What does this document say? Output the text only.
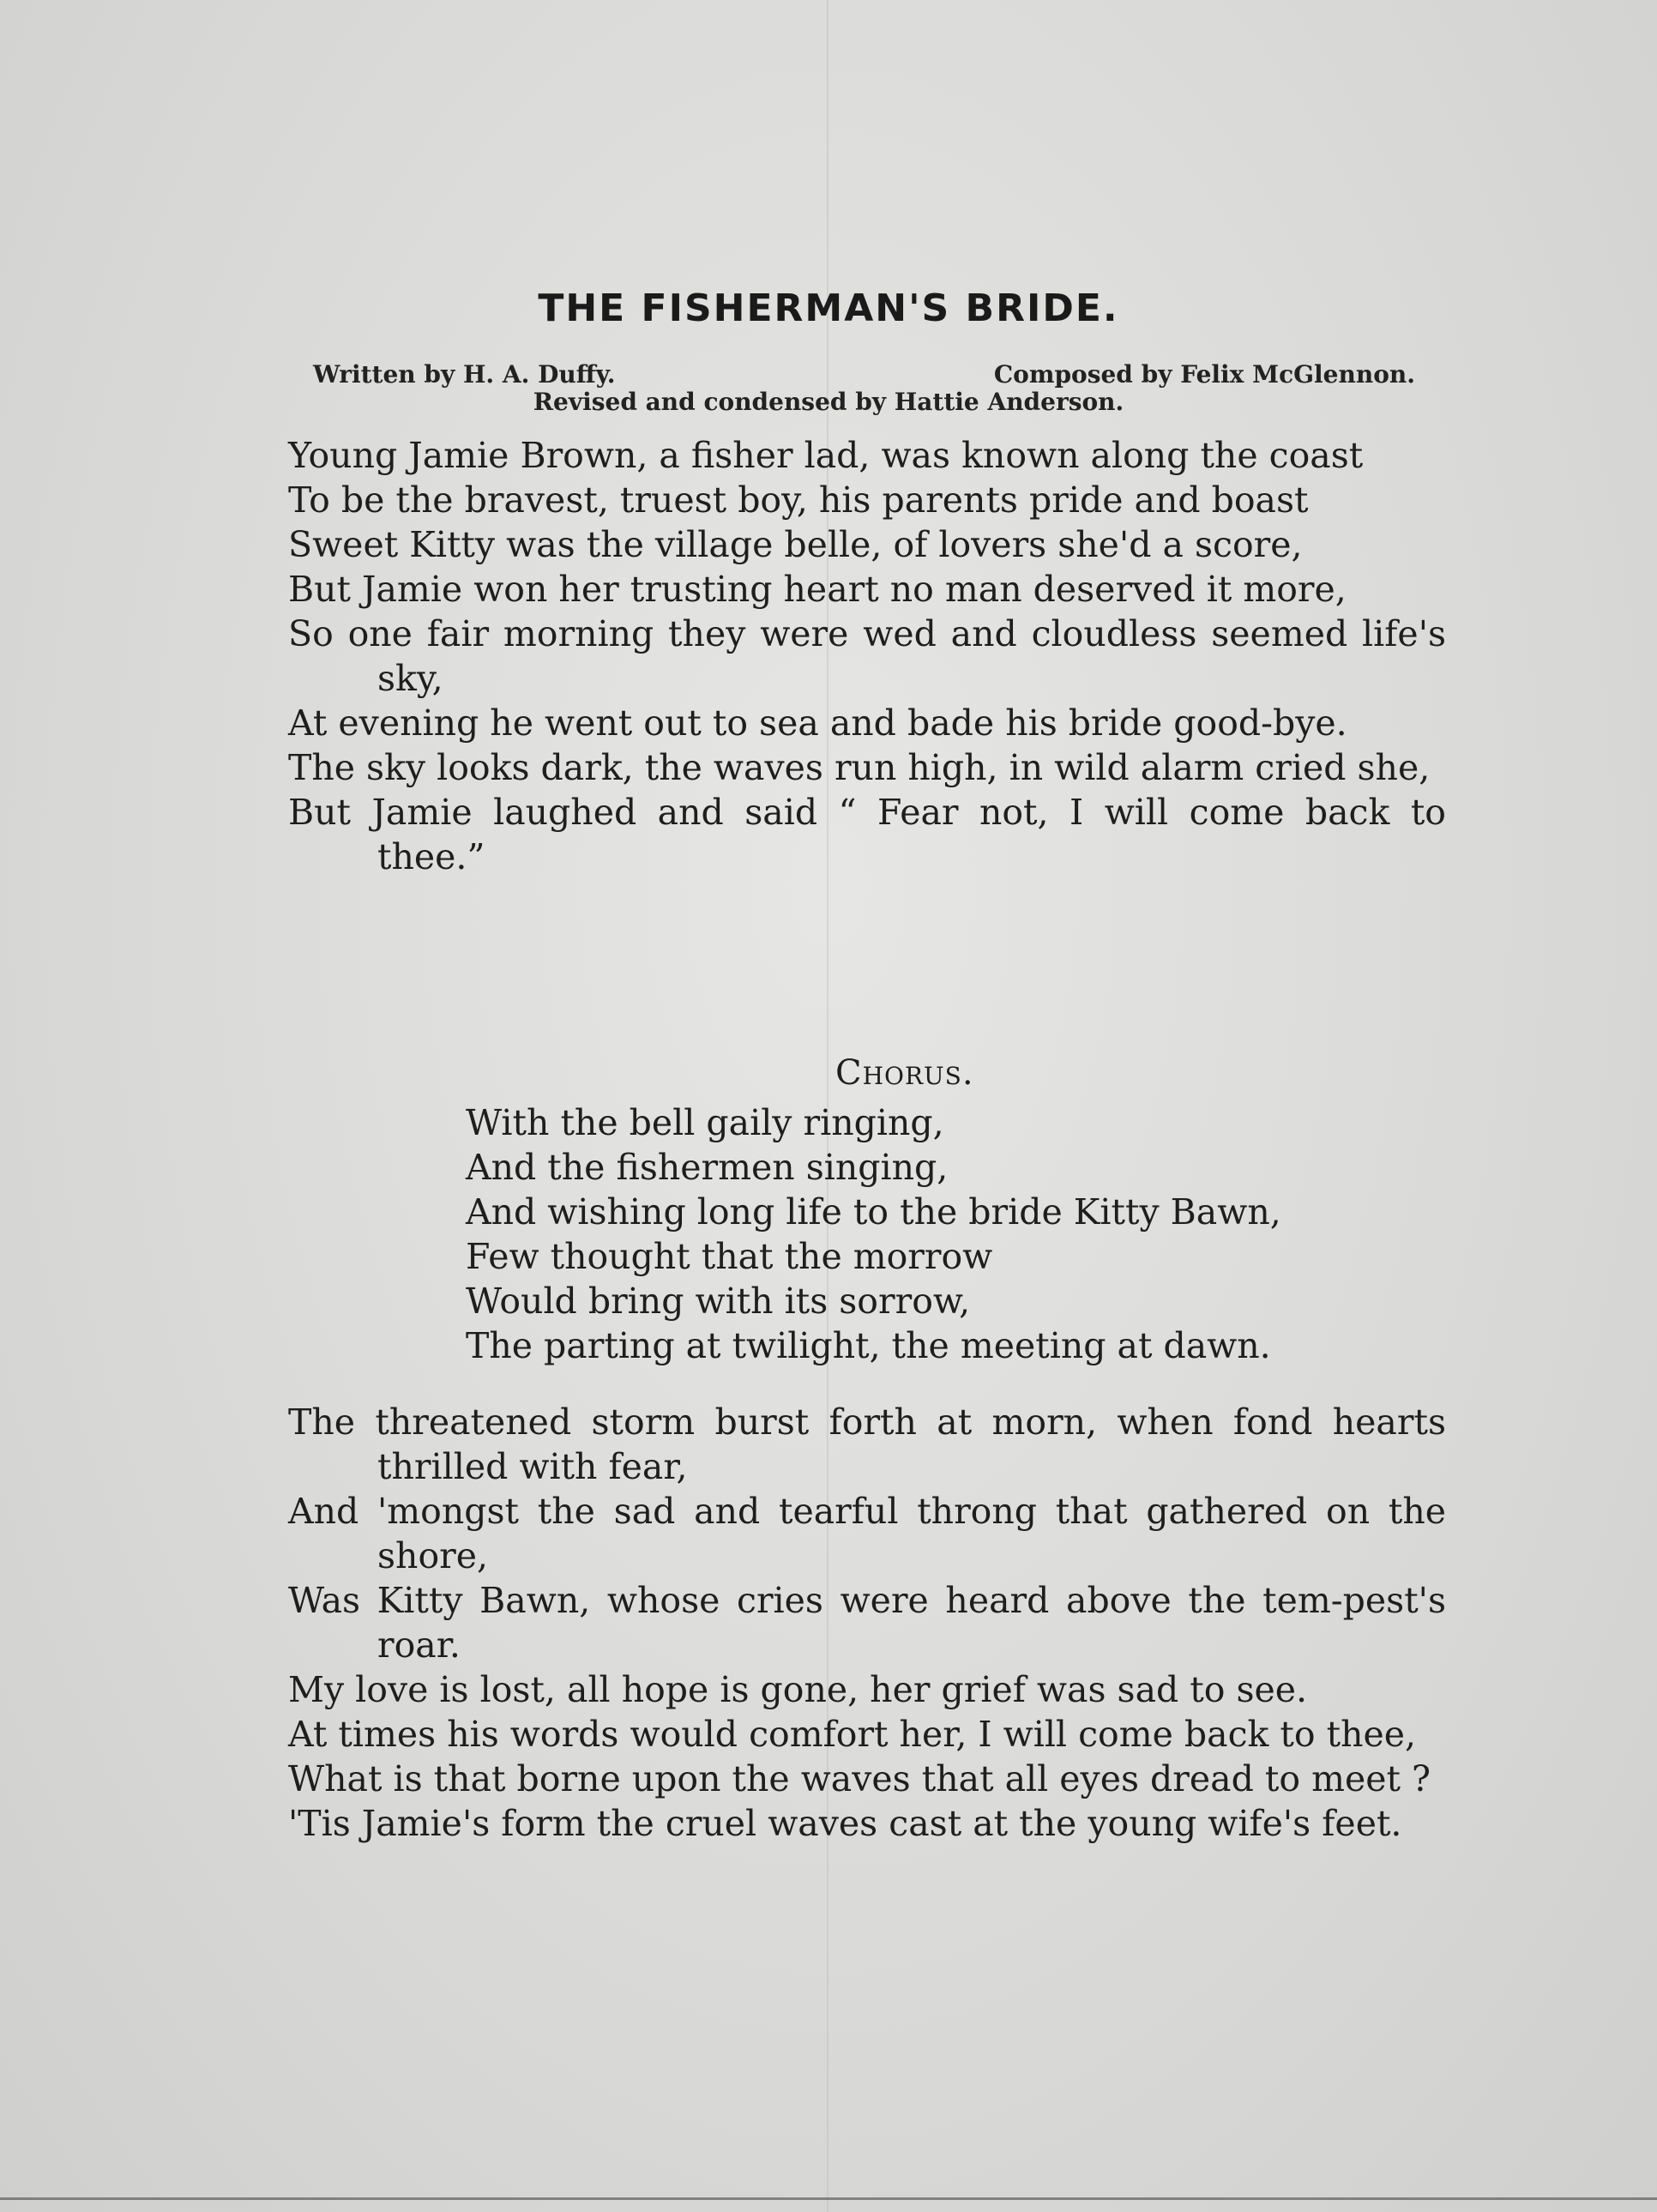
THE FISHERMAN'S BRIDE.
Written by H. A. Duffy.	Composed by Felix McGlennon.
Revised and condensed by Hattie Anderson.
Young Jamie Brown, a fisher lad, was known along the coast
To be the bravest, truest boy, his parents pride and boast
Sweet Kitty was the village belle, of lovers she'd a score,
But Jamie won her trusting heart no man deserved it more,
So one fair morning they were wed and cloudless seemed life's sky,
At evening he went out to sea and bade his bride good-bye.
The sky looks dark, the waves run high, in wild alarm cried she,
But Jamie laughed and said “ Fear not, I will come back to thee.”
Chorus.
With the bell gaily ringing,
And the fishermen singing,
And wishing long life to the bride Kitty Bawn,
Few thought that the morrow
Would bring with its sorrow,
The parting at twilight, the meeting at dawn.
The threatened storm burst forth at morn, when fond hearts thrilled with fear,
And 'mongst the sad and tearful throng that gathered on the shore,
Was Kitty Bawn, whose cries were heard above the tem-pest's roar.
My love is lost, all hope is gone, her grief was sad to see.
At times his words would comfort her, I will come back to thee,
What is that borne upon the waves that all eyes dread to meet ?
'Tis Jamie's form the cruel waves cast at the young wife's feet.
